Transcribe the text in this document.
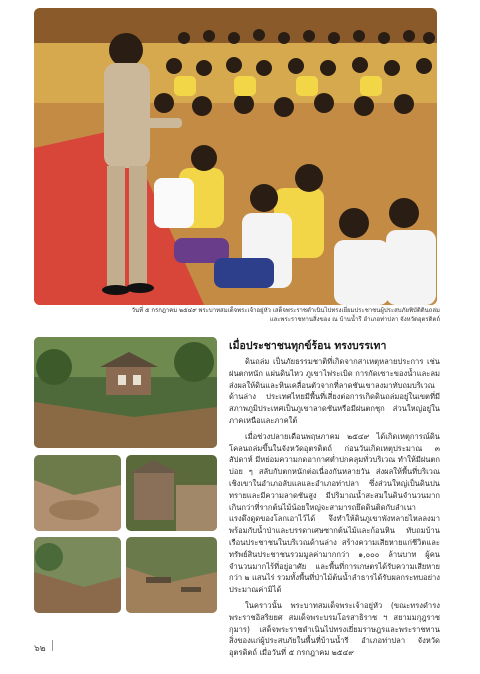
วันที่ ๕ กรกฎาคม ๒๕๔๙ พระบาทสมเด็จพระเจ้าอยู่หัว เสด็จพระราชดำเนินไปทรงเยี่ยมประชาชนผู้ประสบภัยพิบัติดินถล่ม
และพระราชทานสิ่งของ ณ บ้านน้ำรี อำเภอท่าปลา จังหวัดอุตรดิตถ์
เมื่อประชาชนทุกข์ร้อน ทรงบรรเทา

ดินถล่ม เป็นภัยธรรมชาติที่เกิดจากสาเหตุหลายประการ เช่น ฝนตกหนัก แผ่นดินไหว ภูเขาไฟระเบิด การกัดเซาะของน้ำและลม ส่งผลให้ดินและหินเคลื่อนตัวจากที่ลาดชันเขาลงมาทับถมบริเวณด้านล่าง ประเทศไทยมีพื้นที่เสี่ยงต่อการเกิดดินถล่มอยู่ในเขตที่มีสภาพภูมิประเทศเป็นภูเขาลาดชันหรือมีฝนตกชุก ส่วนใหญ่อยู่ในภาคเหนือและภาคใต้

เมื่อช่วงปลายเดือนพฤษภาคม ๒๕๔๙ ได้เกิดเหตุการณ์ดินโคลนถล่มขึ้นในจังหวัดอุตรดิตถ์ ก่อนวันเกิดเหตุประมาณ ๓ สัปดาห์ มีหย่อมความกดอากาศต่ำปกคลุมทั่วบริเวณ ทำให้มีฝนตกบ่อย ๆ สลับกับตกหนักต่อเนื่องกันหลายวัน ส่งผลให้พื้นที่บริเวณเชิงเขาในอำเภอลับแลและอำเภอท่าปลา ซึ่งส่วนใหญ่เป็นดินปนทรายและมีความลาดชันสูง มีปริมาณน้ำสะสมในดินจำนวนมากเกินกว่าที่รากต้นไม้น้อยใหญ่จะสามารถยึดดินติดกับลำเนาแรงดึงดูดของโลกเอาไว้ได้ จึงทำให้ดินภูเขาพังทลายไหลลงมาพร้อมกับน้ำป่าและบรรดาเศษซากต้นไม้และก้อนหิน ทับถมบ้านเรือนประชาชนในบริเวณด้านล่าง สร้างความเสียหายแก่ชีวิตและทรัพย์สินประชาชนรวมมูลค่ามากกว่า ๑,๐๐๐ ล้านบาท ผู้คนจำนวนมากไร้ที่อยู่อาศัย และพื้นที่การเกษตรได้รับความเสียหายกว่า ๒ แสนไร่ รวมทั้งพื้นที่ป่าไม้ต้นน้ำลำธารได้รับผลกระทบอย่างประมาณค่ามิได้

ในคราวนั้น พระบาทสมเด็จพระเจ้าอยู่หัว (ขณะทรงดำรงพระราชอิสริยยศ สมเด็จพระบรมโอรสาธิราช ฯ สยามมกุฎราชกุมาร) เสด็จพระราชดำเนินไปทรงเยี่ยมราษฎรและพระราชทานสิ่งของแก่ผู้ประสบภัยในพื้นที่บ้านน้ำรี อำเภอท่าปลา จังหวัดอุตรดิตถ์ เมื่อวันที่ ๕ กรกฎาคม ๒๕๔๙

๖๒
